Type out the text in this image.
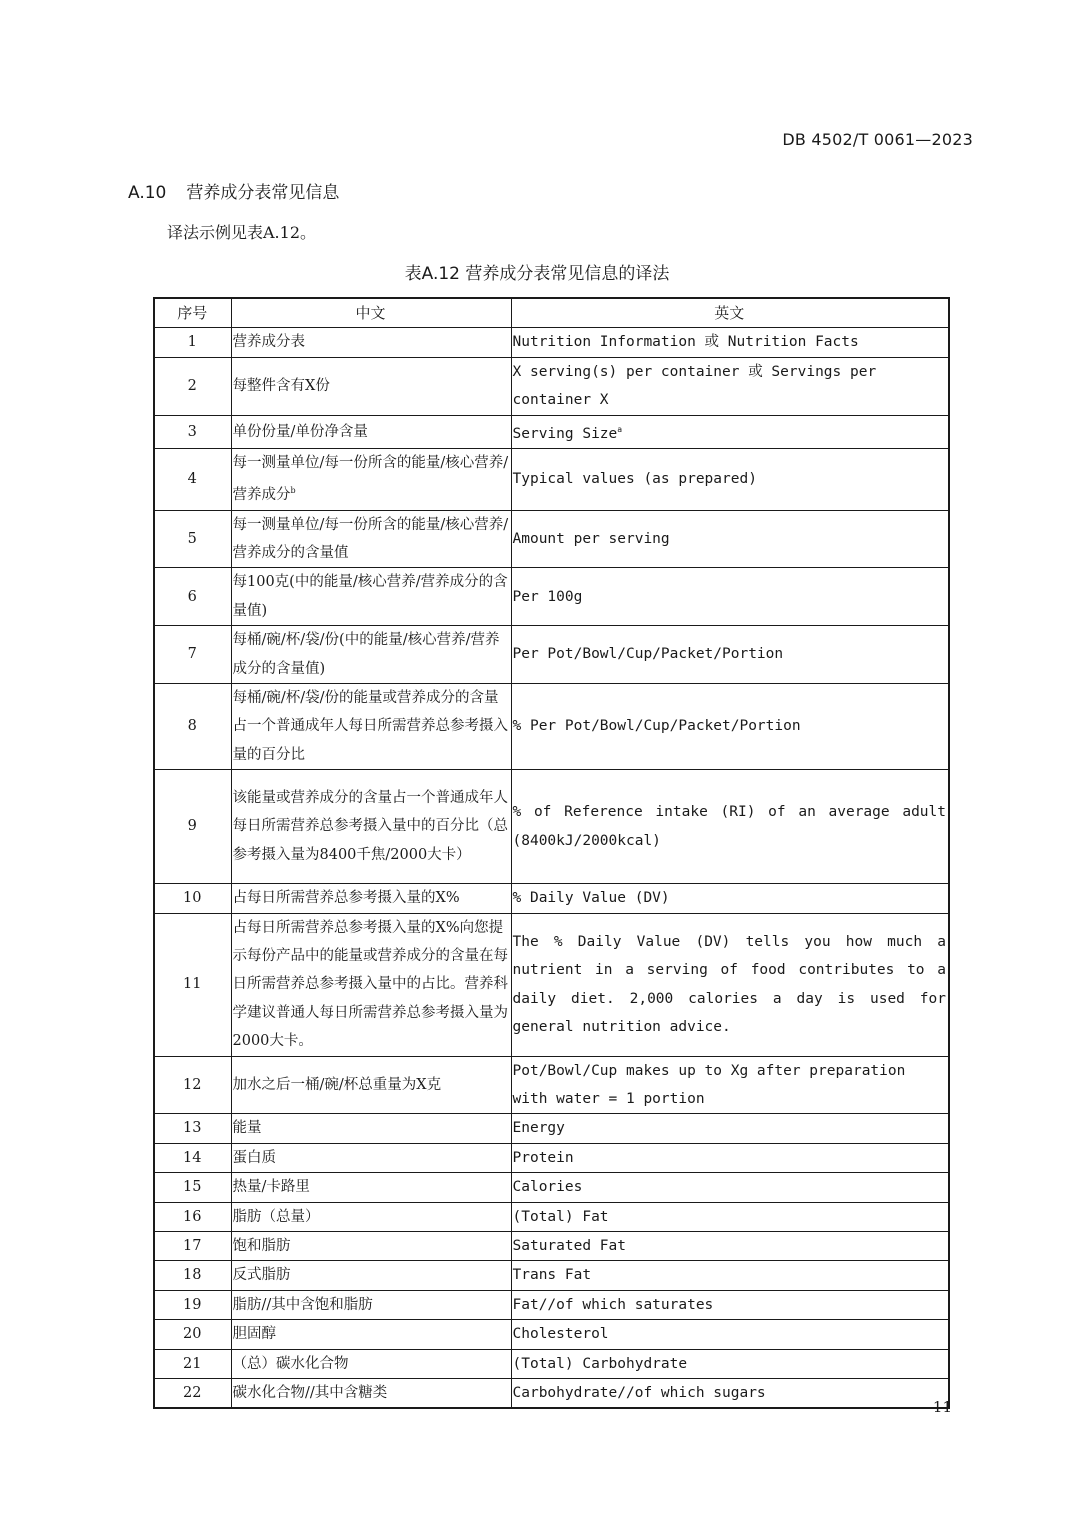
DB 4502/T 0061—2023
A.10 营养成分表常见信息
译法示例见表A.12。
表A.12 营养成分表常见信息的译法
序号	中文	英文
1	营养成分表	Nutrition Information 或 Nutrition Facts
2	每整件含有X份	X serving(s) per container 或 Servings per container X
3	单份份量/单份净含量	Serving Size$^a$
4	每一测量单位/每一份所含的能量/核心营养/营养成分$^b$	Typical values (as prepared)
5	每一测量单位/每一份所含的能量/核心营养/营养成分的含量值	Amount per serving
6	每100克(中的能量/核心营养/营养成分的含量值)	Per 100g
7	每桶/碗/杯/袋/份(中的能量/核心营养/营养成分的含量值)	Per Pot/Bowl/Cup/Packet/Portion
8	每桶/碗/杯/袋/份的能量或营养成分的含量占一个普通成年人每日所需营养总参考摄入量的百分比	% Per Pot/Bowl/Cup/Packet/Portion
9	该能量或营养成分的含量占一个普通成年人每日所需营养总参考摄入量中的百分比（总参考摄入量为8400千焦/2000大卡）	% of Reference intake (RI) of an average adult (8400kJ/2000kcal)
10	占每日所需营养总参考摄入量的X%	% Daily Value (DV)
11	占每日所需营养总参考摄入量的X%向您提示每份产品中的能量或营养成分的含量在每日所需营养总参考摄入量中的占比。营养科学建议普通人每日所需营养总参考摄入量为2000大卡。	The % Daily Value (DV) tells you how much a nutrient in a serving of food contributes to a daily diet. 2,000 calories a day is used for general nutrition advice.
12	加水之后一桶/碗/杯总重量为X克	Pot/Bowl/Cup makes up to Xg after preparation with water = 1 portion
13	能量	Energy
14	蛋白质	Protein
15	热量/卡路里	Calories
16	脂肪（总量）	(Total) Fat
17	饱和脂肪	Saturated Fat
18	反式脂肪	Trans Fat
19	脂肪//其中含饱和脂肪	Fat//of which saturates
20	胆固醇	Cholesterol
21	（总）碳水化合物	(Total) Carbohydrate
22	碳水化合物//其中含糖类	Carbohydrate//of which sugars
11
